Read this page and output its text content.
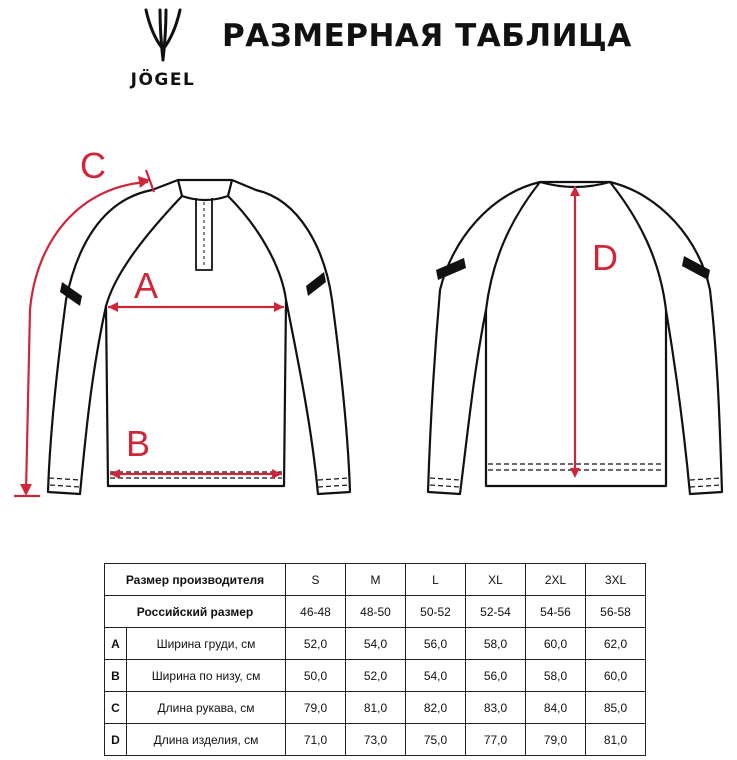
JÖGEL
РАЗМЕРНАЯ ТАБЛИЦА
A
B
C
D
Размер производителя		S	M	L	XL	2XL	3XL
Российский размер		46-48	48-50	50-52	52-54	54-56	56-58
A	Ширина груди, см	52,0	54,0	56,0	58,0	60,0	62,0
B	Ширина по низу, см	50,0	52,0	54,0	56,0	58,0	60,0
C	Длина рукава, см	79,0	81,0	82,0	83,0	84,0	85,0
D	Длина изделия, см	71,0	73,0	75,0	77,0	79,0	81,0
